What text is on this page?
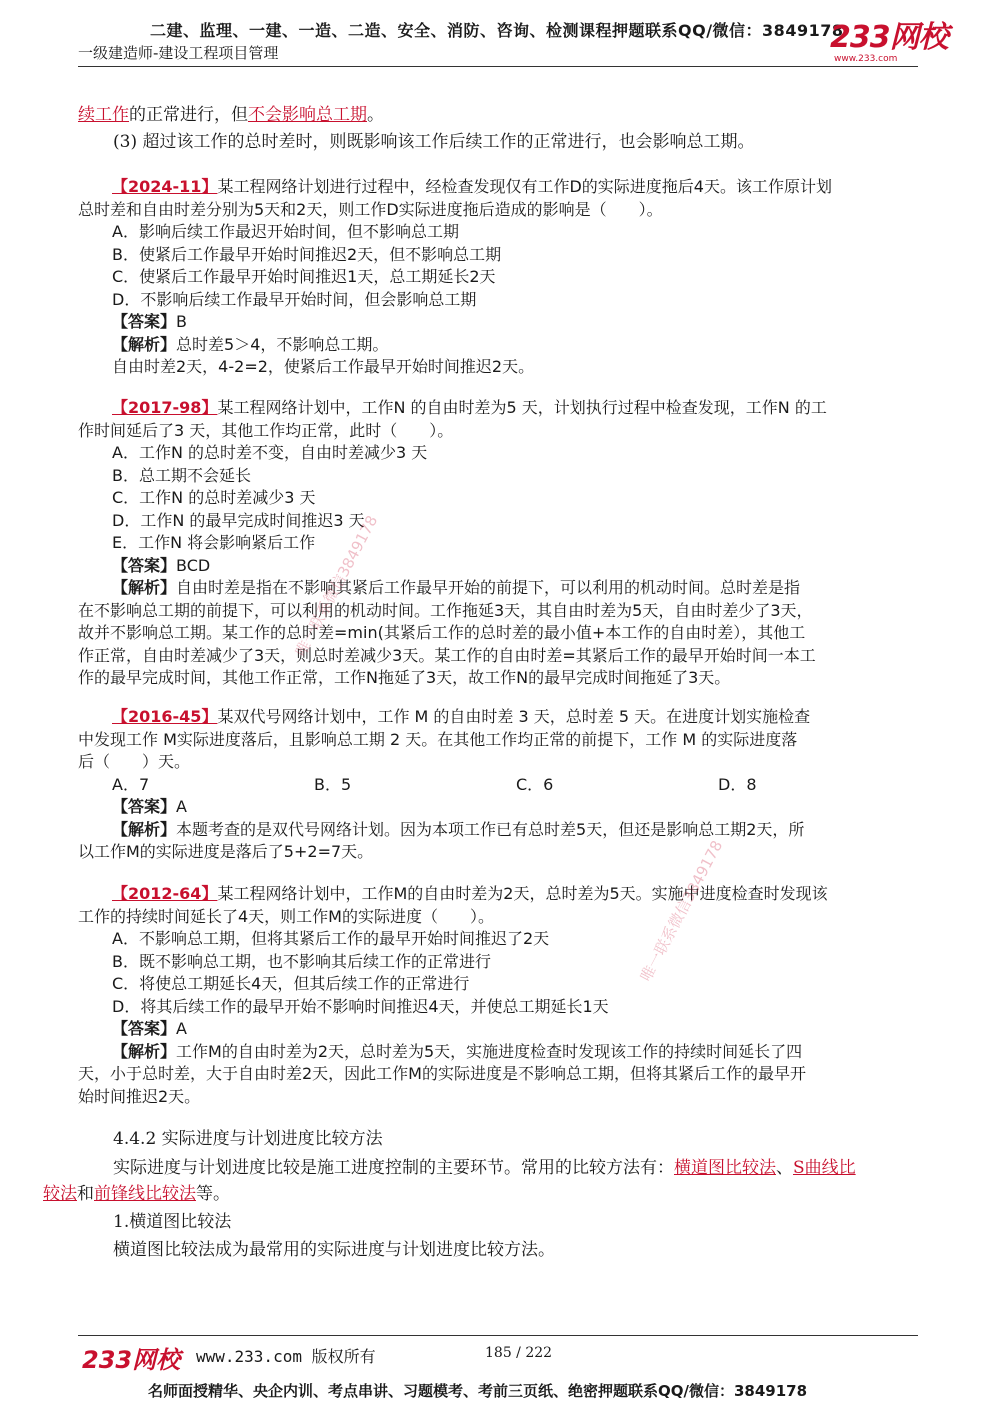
二建、监理、一建、一造、二造、安全、消防、咨询、检测课程押题联系QQ/微信：3849178
一级建造师-建设工程项目管理	233网校
www.233.com
续工作的正常进行，但不会影响总工期。
(3) 超过该工作的总时差时，则既影响该工作后续工作的正常进行，也会影响总工期。
【2024-11】某工程网络计划进行过程中，经检查发现仅有工作D的实际进度拖后4天。该工作原计划
总时差和自由时差分别为5天和2天，则工作D实际进度拖后造成的影响是（　　）。
A．影响后续工作最迟开始时间，但不影响总工期
B．使紧后工作最早开始时间推迟2天，但不影响总工期
C．使紧后工作最早开始时间推迟1天，总工期延长2天
D．不影响后续工作最早开始时间，但会影响总工期
【答案】B
【解析】总时差5＞4，不影响总工期。
自由时差2天，4-2=2，使紧后工作最早开始时间推迟2天。
【2017-98】某工程网络计划中，工作N 的自由时差为5 天，计划执行过程中检查发现，工作N 的工
作时间延后了3 天，其他工作均正常，此时（　　）。
A．工作N 的总时差不变，自由时差减少3 天
B．总工期不会延长
C．工作N 的总时差减少3 天
D．工作N 的最早完成时间推迟3 天
E．工作N 将会影响紧后工作
【答案】BCD
【解析】自由时差是指在不影响其紧后工作最早开始的前提下，可以利用的机动时间。总时差是指
在不影响总工期的前提下，可以利用的机动时间。工作拖延3天，其自由时差为5天，自由时差少了3天，
故并不影响总工期。某工作的总时差=min(其紧后工作的总时差的最小值+本工作的自由时差），其他工
作正常，自由时差减少了3天，则总时差减少3天。某工作的自由时差=其紧后工作的最早开始时间一本工
作的最早完成时间，其他工作正常，工作N拖延了3天，故工作N的最早完成时间拖延了3天。
【2016-45】某双代号网络计划中，工作 M 的自由时差 3 天，总时差 5 天。在进度计划实施检查
中发现工作 M实际进度落后，且影响总工期 2 天。在其他工作均正常的前提下，工作 M 的实际进度落
后（　　）天。
A．7	B．5	C．6	D．8
【答案】A
【解析】本题考查的是双代号网络计划。因为本项工作已有总时差5天，但还是影响总工期2天，所
以工作M的实际进度是落后了5+2=7天。
【2012-64】某工程网络计划中，工作M的自由时差为2天，总时差为5天。实施中进度检查时发现该
工作的持续时间延长了4天，则工作M的实际进度（　　）。
A．不影响总工期，但将其紧后工作的最早开始时间推迟了2天
B．既不影响总工期，也不影响其后续工作的正常进行
C．将使总工期延长4天，但其后续工作的正常进行
D．将其后续工作的最早开始不影响时间推迟4天，并使总工期延长1天
【答案】A
【解析】工作M的自由时差为2天，总时差为5天，实施进度检查时发现该工作的持续时间延长了四
天，小于总时差，大于自由时差2天，因此工作M的实际进度是不影响总工期，但将其紧后工作的最早开
始时间推迟2天。
4.4.2 实际进度与计划进度比较方法
实际进度与计划进度比较是施工进度控制的主要环节。常用的比较方法有：横道图比较法、S曲线比
较法和前锋线比较法等。
1.横道图比较法
横道图比较法成为最常用的实际进度与计划进度比较方法。
唯一联系微信3849178
唯一联系微信3849178
233网校 www.233.com 版权所有	185 / 222
名师面授精华、央企内训、考点串讲、习题模考、考前三页纸、绝密押题联系QQ/微信：3849178
